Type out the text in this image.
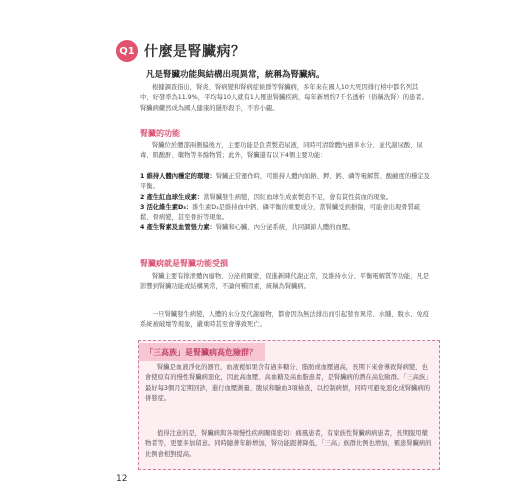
Q1 什麼是腎臟病？
凡是腎臟功能與結構出現異常，統稱為腎臟病。

根據調查指出，腎炎、腎病變和腎病症候群等腎臟病，多年來在國人10大死因排行榜中都名列其中，好發率為11.9%，平均每10人就有1人罹患腎臟疾病，每年新增約7千名透析（俗稱洗腎）的患者。腎臟病儼然成為國人健康的隱形殺手，不容小覷。

腎臟的功能

腎臟位於腰部兩側偏後方，主要功能是負責製造尿液，同時可清除體內過多水分、並代謝尿酸、尿毒、肌酸酐、藥物等多餘物質；此外，腎臟還有以下4個主要功能：

1 維持人體內穩定的環境：腎臟正常運作時，可維持人體內如鈉、鉀、鈣、磷等電解質、酸鹼度的穩定及平衡。

2 產生紅血球生成素：當腎臟發生病變，因紅血球生成素製造不足，會有貧性貧血的現象。

3 活化維生素D₃：維生素D₃是維持血中鈣、磷平衡的重要成分，當腎臟受到損傷，可能會出現骨質疏鬆、骨病變，甚至骨折等現象。

4 產生腎素及血管張力素：腎臟和心臟、內分泌系統，共同調節人體的血壓。

腎臟病就是腎臟功能受損

腎臟主要有排泄體內廢物、分泌荷爾蒙、促進新陳代謝正常，及維持水分、平衡電解質等功能，凡是影響到腎臟功能或結構異常，不論何種因素，統稱為腎臟病。

一旦腎臟發生病變，人體的水分及代謝廢物，都會因為無法排出而引起發育異常、水腫、脫水、免疫系統被破壞等現象，嚴重時甚至會導致死亡。

「三高族」是腎臟病高危險群？

腎臟是血液淨化的器官，血液裡如果含有過多糖分、脂肪或血壓過高，長期下來會導致腎病變，也會使原有的慢性腎臟病惡化，因此高血壓、高血糖及高血脂患者，是腎臟病的潛在高危險群。「三高族」最好每3個月定期回診，進行血壓測量、腹尿和驗血3項檢查，以控制病情，同時可避免惡化成腎臟病的併發症。

值得注意的是，腎臟病與各項慢性疾病關係密切：痛風患者，有家族性腎臟病病患者，長期服用藥物者等，更要多加留意。同時隨著年齡增加，腎功能跟著降低，「三高」族群比例也增加，罹患腎臟病的比例會相對提高。

12
